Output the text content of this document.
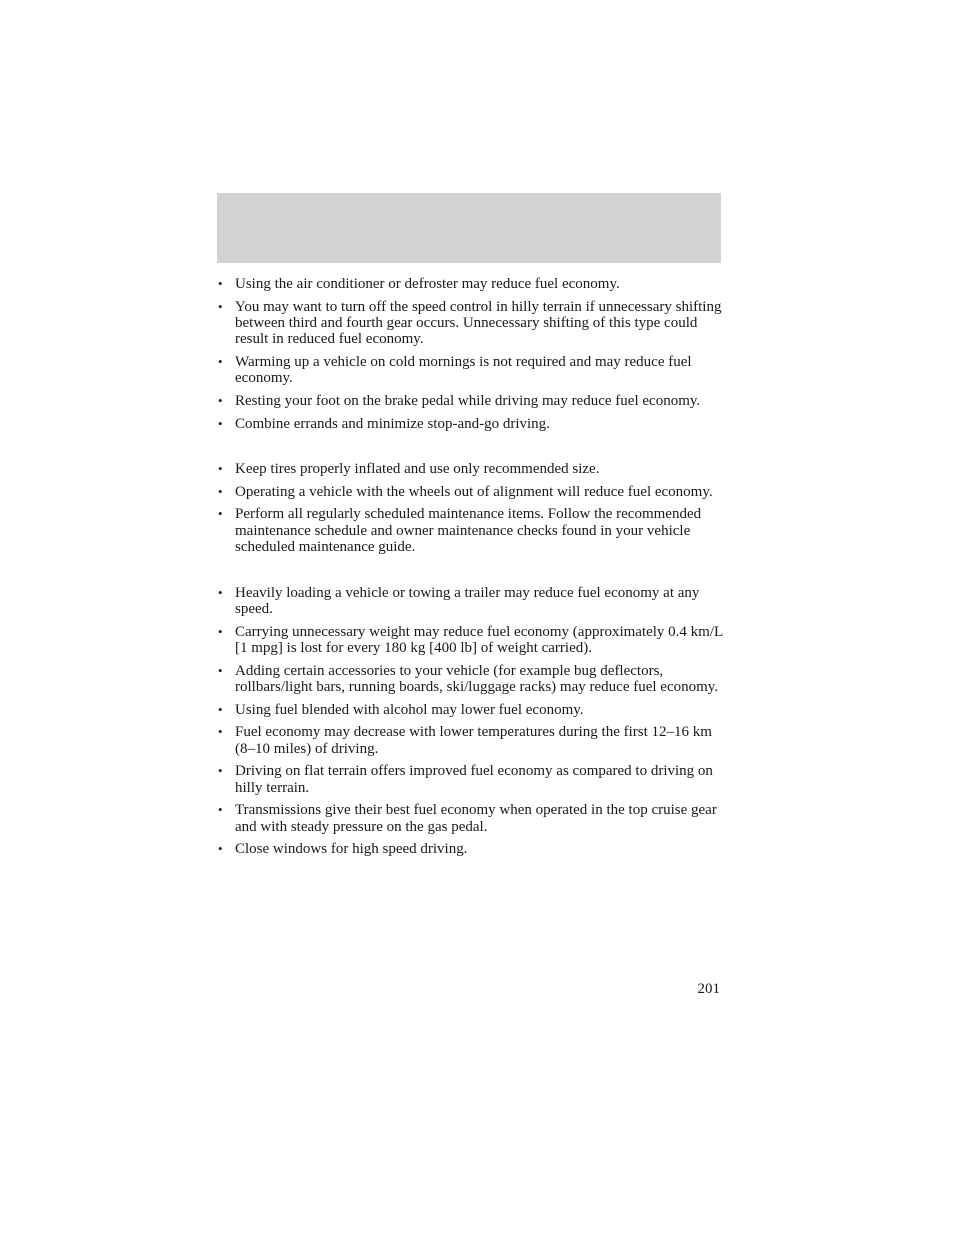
• Using the air conditioner or defroster may reduce fuel economy.
• You may want to turn off the speed control in hilly terrain if unnecessary shifting between third and fourth gear occurs. Unnecessary shifting of this type could result in reduced fuel economy.
• Warming up a vehicle on cold mornings is not required and may reduce fuel economy.
• Resting your foot on the brake pedal while driving may reduce fuel economy.
• Combine errands and minimize stop-and-go driving.
• Keep tires properly inflated and use only recommended size.
• Operating a vehicle with the wheels out of alignment will reduce fuel economy.
• Perform all regularly scheduled maintenance items. Follow the recommended maintenance schedule and owner maintenance checks found in your vehicle scheduled maintenance guide.
• Heavily loading a vehicle or towing a trailer may reduce fuel economy at any speed.
• Carrying unnecessary weight may reduce fuel economy (approximately 0.4 km/L [1 mpg] is lost for every 180 kg [400 lb] of weight carried).
• Adding certain accessories to your vehicle (for example bug deflectors, rollbars/light bars, running boards, ski/luggage racks) may reduce fuel economy.
• Using fuel blended with alcohol may lower fuel economy.
• Fuel economy may decrease with lower temperatures during the first 12–16 km (8–10 miles) of driving.
• Driving on flat terrain offers improved fuel economy as compared to driving on hilly terrain.
• Transmissions give their best fuel economy when operated in the top cruise gear and with steady pressure on the gas pedal.
• Close windows for high speed driving.
201
